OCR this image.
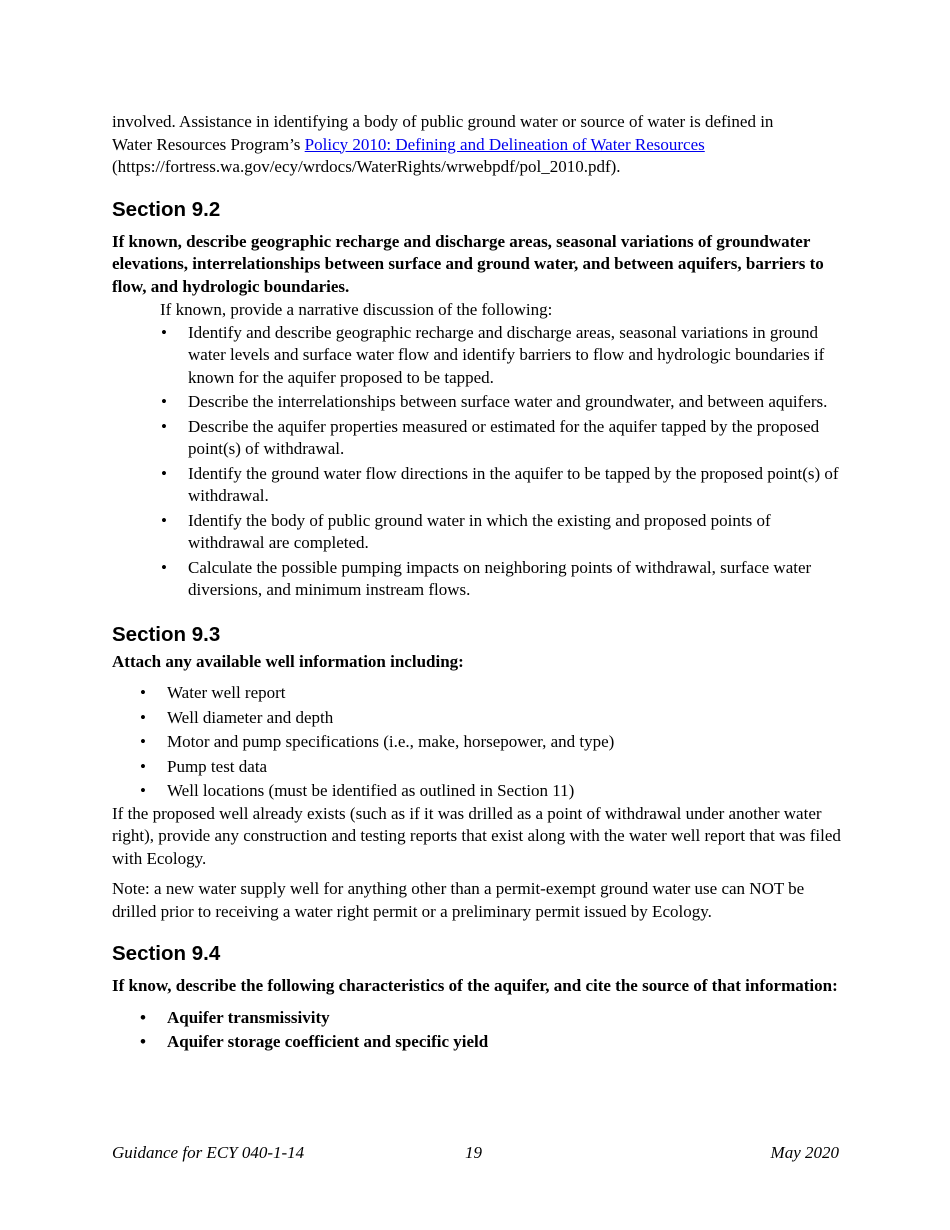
involved. Assistance in identifying a body of public ground water or source of water is defined in
Water Resources Program’s Policy 2010: Defining and Delineation of Water Resources
(https://fortress.wa.gov/ecy/wrdocs/WaterRights/wrwebpdf/pol_2010.pdf).

Section 9.2

If known, describe geographic recharge and discharge areas, seasonal variations of groundwater elevations, interrelationships between surface and ground water, and between aquifers, barriers to flow, and hydrologic boundaries.

If known, provide a narrative discussion of the following:

• Identify and describe geographic recharge and discharge areas, seasonal variations in ground water levels and surface water flow and identify barriers to flow and hydrologic boundaries if known for the aquifer proposed to be tapped.
• Describe the interrelationships between surface water and groundwater, and between aquifers.
• Describe the aquifer properties measured or estimated for the aquifer tapped by the proposed point(s) of withdrawal.
• Identify the ground water flow directions in the aquifer to be tapped by the proposed point(s) of withdrawal.
• Identify the body of public ground water in which the existing and proposed points of withdrawal are completed.
• Calculate the possible pumping impacts on neighboring points of withdrawal, surface water diversions, and minimum instream flows.
Section 9.3

Attach any available well information including:

• Water well report
• Well diameter and depth
• Motor and pump specifications (i.e., make, horsepower, and type)
• Pump test data
• Well locations (must be identified as outlined in Section 11)

If the proposed well already exists (such as if it was drilled as a point of withdrawal under another water right), provide any construction and testing reports that exist along with the water well report that was filed with Ecology.

Note: a new water supply well for anything other than a permit-exempt ground water use can NOT be drilled prior to receiving a water right permit or a preliminary permit issued by Ecology.

Section 9.4

If know, describe the following characteristics of the aquifer, and cite the source of that information:

• Aquifer transmissivity
• Aquifer storage coefficient and specific yield
Guidance for ECY 040-1-14	19	May 2020
